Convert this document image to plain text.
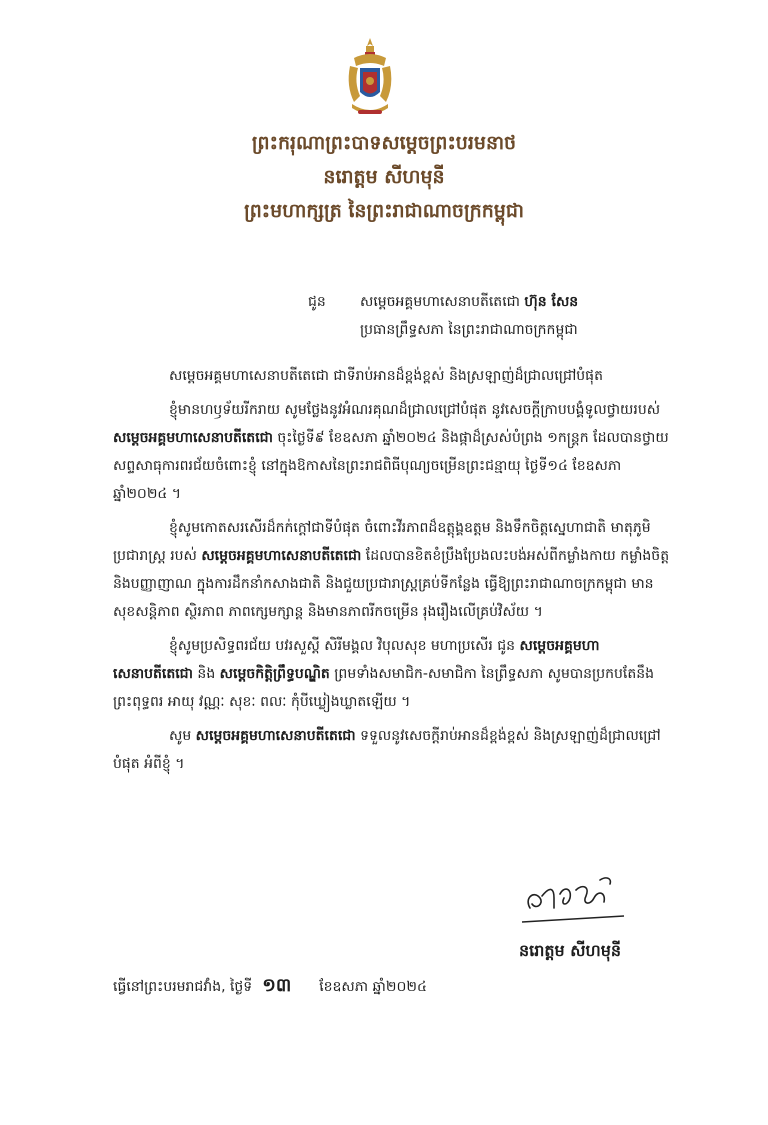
ព្រះករុណាព្រះបាទសម្តេចព្រះបរមនាថ
នរោត្តម សីហមុនី
ព្រះមហាក្សត្រ នៃព្រះរាជាណាចក្រកម្ពុជា
ជូន	សម្តេចអគ្គមហាសេនាបតីតេជោ ហ៊ុន សែន
ប្រធានព្រឹទ្ធសភា នៃព្រះរាជាណាចក្រកម្ពុជា

សម្តេចអគ្គមហាសេនាបតីតេជោ ជាទីរាប់អានដ៏ខ្ពង់ខ្ពស់ និងស្រឡាញ់ដ៏ជ្រាលជ្រៅបំផុត

ខ្ញុំមានហឫទ័យរីករាយ សូមថ្លែងនូវអំណរគុណដ៏ជ្រាលជ្រៅបំផុត នូវសេចក្តីក្រាបបង្គំទូលថ្វាយរបស់ សម្តេចអគ្គមហាសេនាបតីតេជោ ចុះថ្ងៃទី៩ ខែឧសភា ឆ្នាំ២០២៤ និងផ្កាដ៏ស្រស់បំព្រង ១កន្ត្រក ដែលបានថ្វាយសព្ទសាធុការពរជ័យចំពោះខ្ញុំ នៅក្នុងឱកាសនៃព្រះរាជពិធីបុណ្យចម្រើនព្រះជន្មាយុ ថ្ងៃទី១៤ ខែឧសភា ឆ្នាំ២០២៤ ។

ខ្ញុំសូមកោតសរសើរដ៏កក់ក្តៅជាទីបំផុត ចំពោះវីរភាពដ៏ឧត្តុង្គឧត្តម និងទឹកចិត្តស្នេហាជាតិ មាតុភូមិ ប្រជារាស្ត្រ របស់ សម្តេចអគ្គមហាសេនាបតីតេជោ ដែលបានខិតខំប្រឹងប្រែងលះបង់អស់ពីកម្លាំងកាយ កម្លាំងចិត្ត និងបញ្ញាញាណ ក្នុងការដឹកនាំកសាងជាតិ និងជួយប្រជារាស្ត្រគ្រប់ទីកន្លែង ធ្វើឱ្យព្រះរាជាណាចក្រកម្ពុជា មានសុខសន្តិភាព ស្ថិរភាព ភាពក្សេមក្សាន្ត និងមានភាពរីកចម្រើន រុងរឿងលើគ្រប់វិស័យ ។

ខ្ញុំសូមប្រសិទ្ធពរជ័យ បវរសួស្តី សិរីមង្គល វិបុលសុខ មហាប្រសើរ ជូន សម្តេចអគ្គមហាសេនាបតីតេជោ និង សម្តេចកិត្តិព្រឹទ្ធបណ្ឌិត ព្រមទាំងសមាជិក-សមាជិកា នៃព្រឹទ្ធសភា សូមបានប្រកបតែនឹងព្រះពុទ្ធពរ អាយុ វណ្ណៈ សុខៈ ពលៈ កុំបីឃ្លៀងឃ្លាតឡើយ ។

សូម សម្តេចអគ្គមហាសេនាបតីតេជោ ទទួលនូវសេចក្តីរាប់អានដ៏ខ្ពង់ខ្ពស់ និងស្រឡាញ់ដ៏ជ្រាលជ្រៅបំផុត អំពីខ្ញុំ ។

នរោត្តម សីហមុនី
ធ្វើនៅព្រះបរមរាជវាំង, ថ្ងៃទី ១៣ ខែឧសភា ឆ្នាំ២០២៤
